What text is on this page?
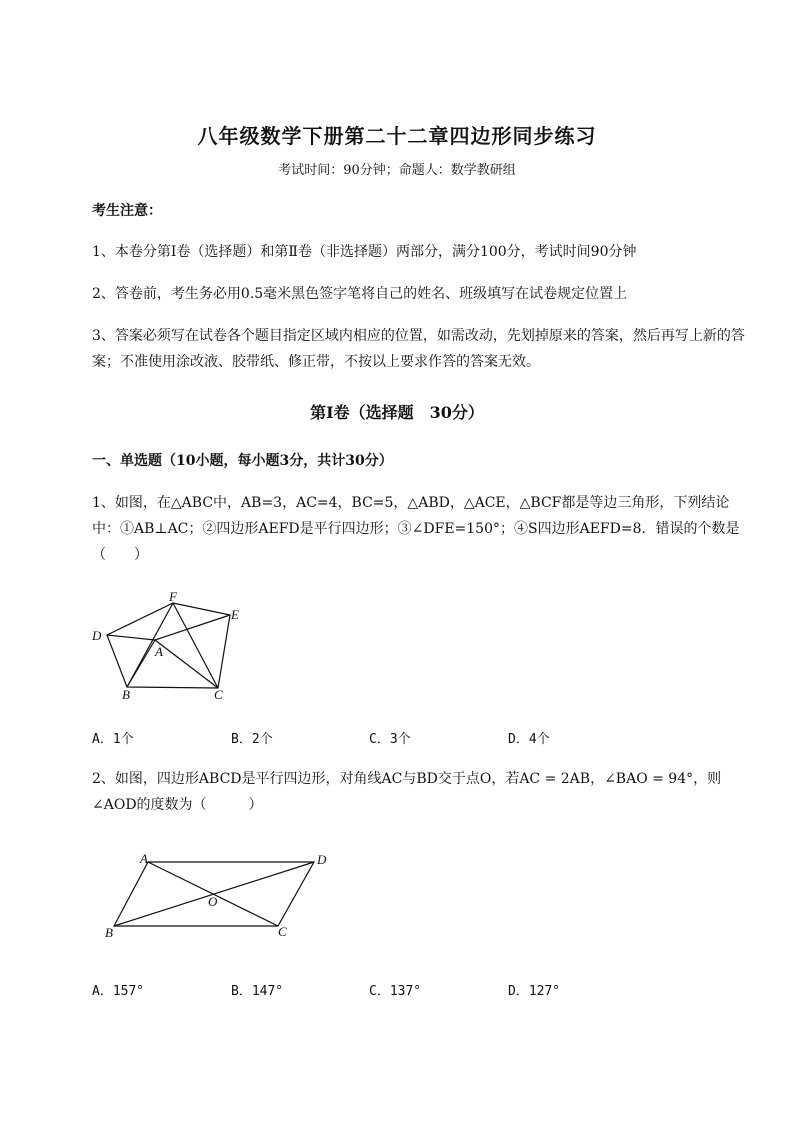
八年级数学下册第二十二章四边形同步练习
考试时间：90分钟；命题人：数学教研组
考生注意：
1、本卷分第Ⅰ卷（选择题）和第Ⅱ卷（非选择题）两部分，满分100分，考试时间90分钟
2、答卷前，考生务必用0.5毫米黑色签字笔将自己的姓名、班级填写在试卷规定位置上
3、答案必须写在试卷各个题目指定区域内相应的位置，如需改动，先划掉原来的答案，然后再写上新的答案；不准使用涂改液、胶带纸、修正带，不按以上要求作答的答案无效。
第Ⅰ卷（选择题　30分）
一、单选题（10小题，每小题3分，共计30分）
1、如图，在△ABC中，AB=3，AC=4，BC=5，△ABD，△ACE，△BCF都是等边三角形，下列结论
中：①AB⊥AC；②四边形AEFD是平行四边形；③∠DFE=150°；④S四边形AEFD=8．错误的个数是
（　　）
F
E
D
A
B	C
A．1个	B．2个	C．3个	D．4个
2、如图，四边形ABCD是平行四边形，对角线AC与BD交于点O，若AC = 2AB，∠BAO = 94°，则
∠AOD的度数为（　　　）
A	D
O
B	C
A．157°	B．147°	C．137°	D．127°
